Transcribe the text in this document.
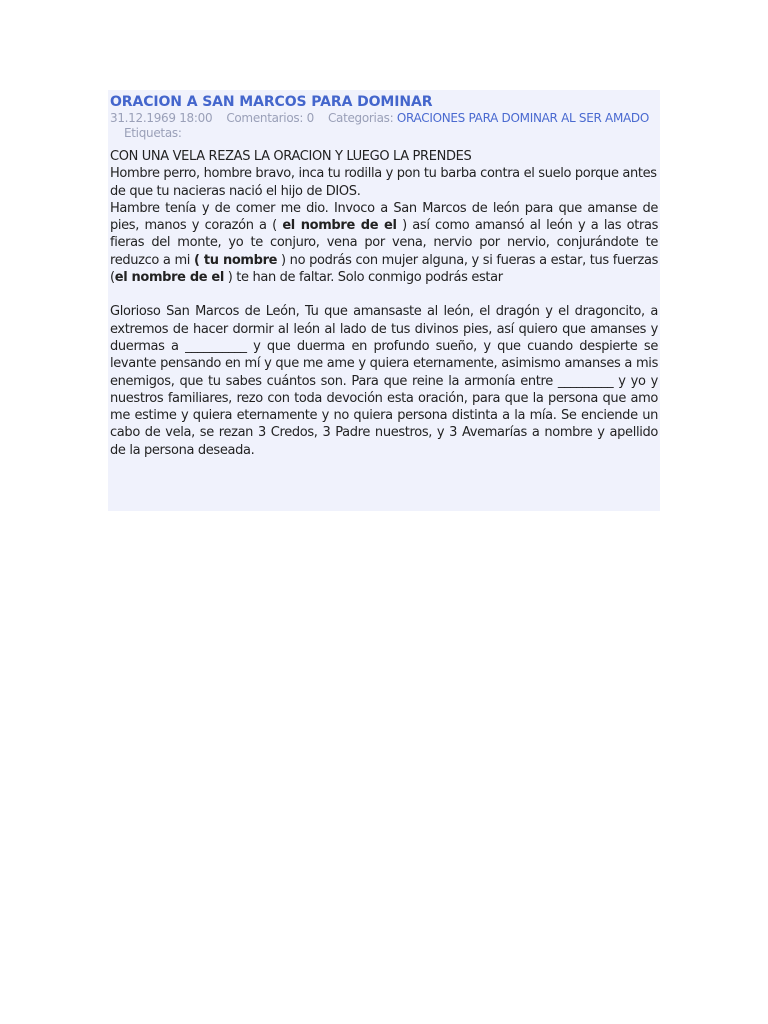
ORACION A SAN MARCOS PARA DOMINAR
31.12.1969 18:00 Comentarios: 0 Categorias: ORACIONES PARA DOMINAR AL SER AMADOEtiquetas:

CON UNA VELA REZAS LA ORACION Y LUEGO LA PRENDES

Hombre perro, hombre bravo, inca tu rodilla y pon tu barba contra el suelo porque antes de que tu nacieras nació el hijo de DIOS.

Hambre tenía y de comer me dio. Invoco a San Marcos de león para que amanse de pies, manos y corazón a ( el nombre de el ) así como amansó al león y a las otras fieras del monte, yo te conjuro, vena por vena, nervio por nervio, conjurándote te reduzco a mi ( tu nombre ) no podrás con mujer alguna, y si fueras a estar, tus fuerzas (el nombre de el ) te han de faltar. Solo conmigo podrás estar

Glorioso San Marcos de León, Tu que amansaste al león, el dragón y el dragoncito, a extremos de hacer dormir al león al lado de tus divinos pies, así quiero que amanses y duermas a __________ y que duerma en profundo sueño, y que cuando despierte se levante pensando en mí y que me ame y quiera eternamente, asimismo amanses a mis enemigos, que tu sabes cuántos son. Para que reine la armonía entre _________ y yo y nuestros familiares, rezo con toda devoción esta oración, para que la persona que amo me estime y quiera eternamente y no quiera persona distinta a la mía. Se enciende un cabo de vela, se rezan 3 Credos, 3 Padre nuestros, y 3 Avemarías a nombre y apellido de la persona deseada.
